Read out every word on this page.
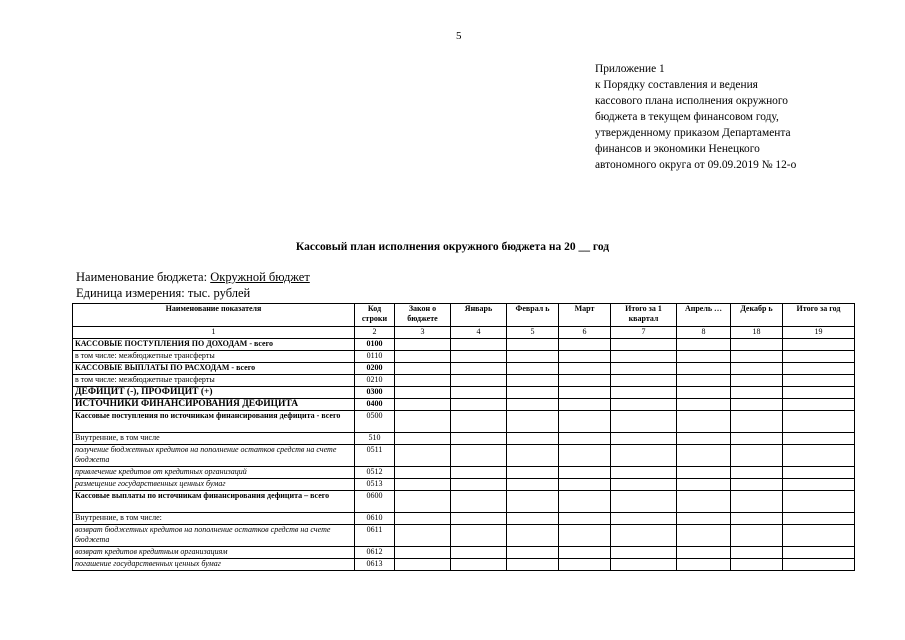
5
Приложение 1
к Порядку составления и ведения
кассового плана исполнения окружного
бюджета в текущем финансовом году,
утвержденному приказом Департамента
финансов и экономики Ненецкого
автономного округа от 09.09.2019 № 12-о
Кассовый план исполнения окружного бюджета на 20 __ год
Наименование бюджета: Окружной бюджет
Единица измерения: тыс. рублей
Наименование показателя	Код строки	Закон о бюджете	Январь	Феврал ь	Март	Итого за 1 квартал	Апрель …	Декабр ь	Итого за год
1	2	3	4	5	6	7	8	18	19
КАССОВЫЕ ПОСТУПЛЕНИЯ ПО ДОХОДАМ - всего	0100								
в том числе: межбюджетные трансферты	0110								
КАССОВЫЕ ВЫПЛАТЫ ПО РАСХОДАМ - всего	0200								
в том числе: межбюджетные трансферты	0210								
ДЕФИЦИТ (-), ПРОФИЦИТ (+)	0300								
ИСТОЧНИКИ ФИНАНСИРОВАНИЯ ДЕФИЦИТА	0400								
Кассовые поступления по источникам финансирования дефицита - всего	0500								
Внутренние, в том числе	510								
получение бюджетных кредитов на пополнение остатков средств на счете бюджета	0511								
привлечение кредитов от кредитных организаций	0512								
размещение государственных ценных бумаг	0513								
Кассовые выплаты по источникам финансирования дефицита – всего	0600								
Внутренние, в том числе:	0610								
возврат бюджетных кредитов на пополнение остатков средств на счете бюджета	0611								
возврат кредитов кредитным организациям	0612								
погашение государственных ценных бумаг	0613								
